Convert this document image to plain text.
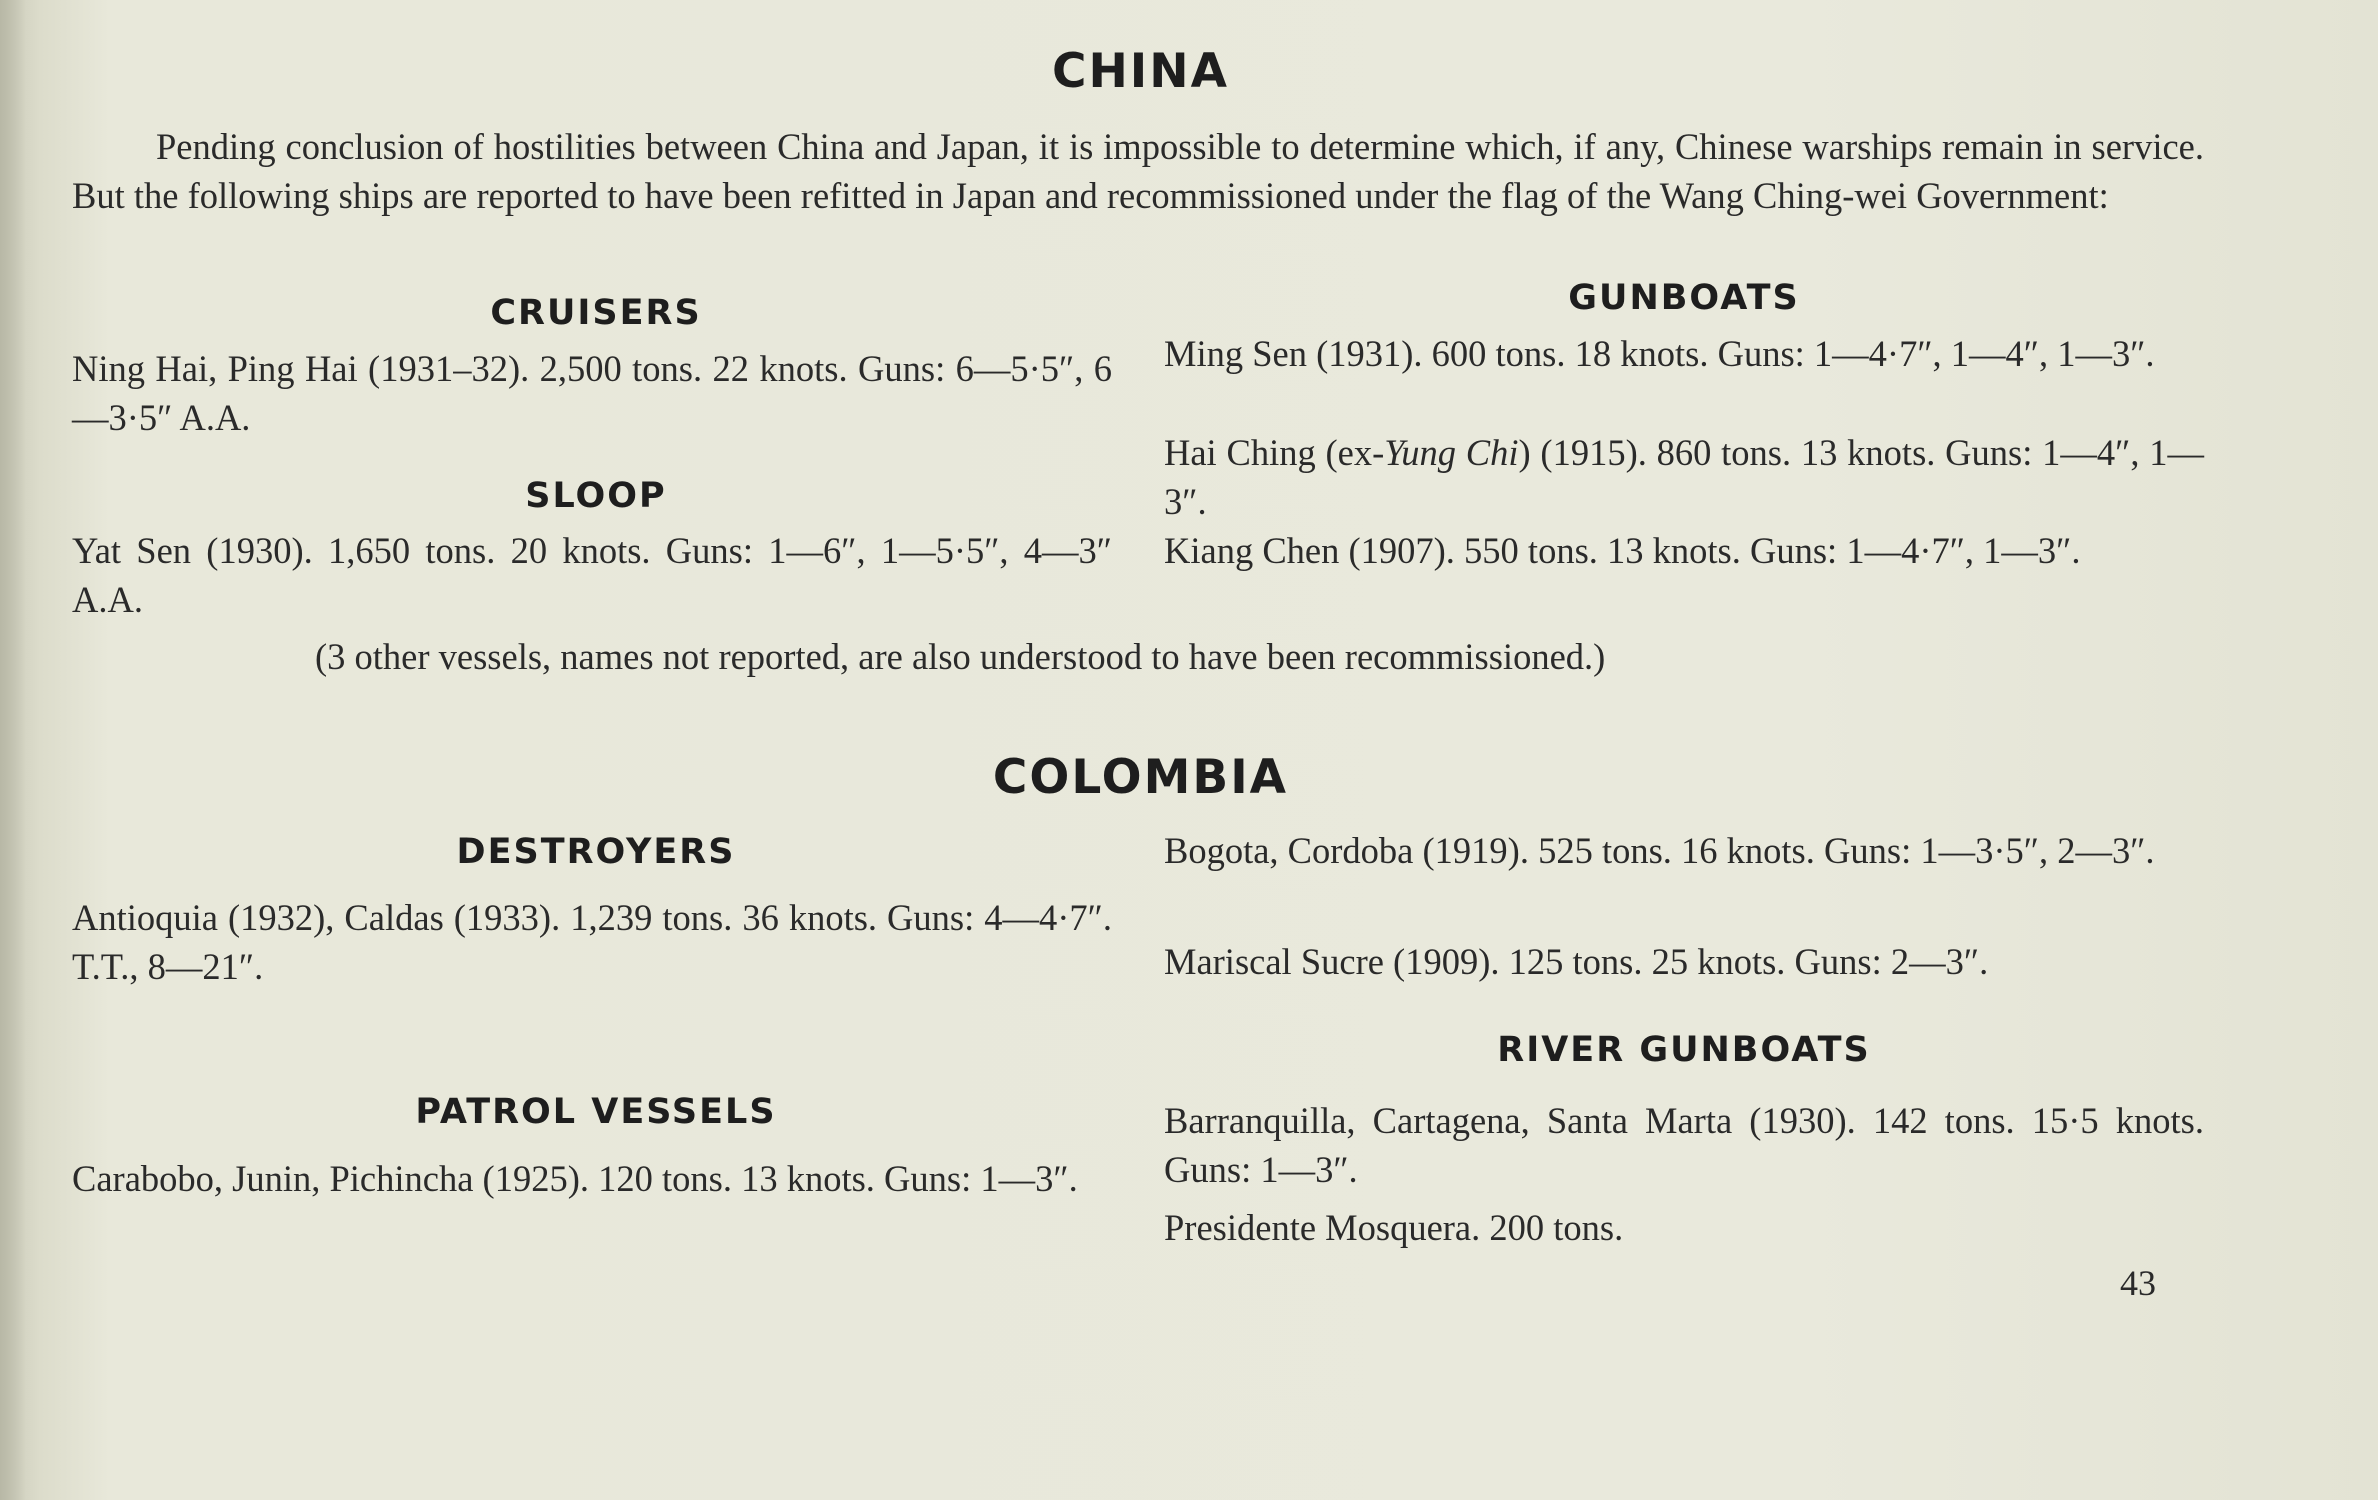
CHINA

Pending conclusion of hostilities between China and Japan, it is impossible to determine which, if any, Chinese warships remain in service. But the following ships are reported to have been refitted in Japan and recommissioned under the flag of the Wang Ching-wei Government:

CRUISERS

Ning Hai, Ping Hai (1931–32). 2,500 tons. 22 knots. Guns: 6—5·5″, 6—3·5″ A.A.

SLOOP

Yat Sen (1930). 1,650 tons. 20 knots. Guns: 1—6″, 1—5·5″, 4—3″ A.A.

GUNBOATS

Ming Sen (1931). 600 tons. 18 knots. Guns: 1—4·7″, 1—4″, 1—3″.

Hai Ching (ex-Yung Chi) (1915). 860 tons. 13 knots. Guns: 1—4″, 1—3″.

Kiang Chen (1907). 550 tons. 13 knots. Guns: 1—4·7″, 1—3″.

(3 other vessels, names not reported, are also understood to have been recommissioned.)

COLOMBIA
DESTROYERS

Antioquia (1932), Caldas (1933). 1,239 tons. 36 knots. Guns: 4—4·7″. T.T., 8—21″.

Bogota, Cordoba (1919). 525 tons. 16 knots. Guns: 1—3·5″, 2—3″.

Mariscal Sucre (1909). 125 tons. 25 knots. Guns: 2—3″.

PATROL VESSELS

Carabobo, Junin, Pichincha (1925). 120 tons. 13 knots. Guns: 1—3″.

RIVER GUNBOATS

Barranquilla, Cartagena, Santa Marta (1930). 142 tons. 15·5 knots. Guns: 1—3″.

Presidente Mosquera. 200 tons.

43
